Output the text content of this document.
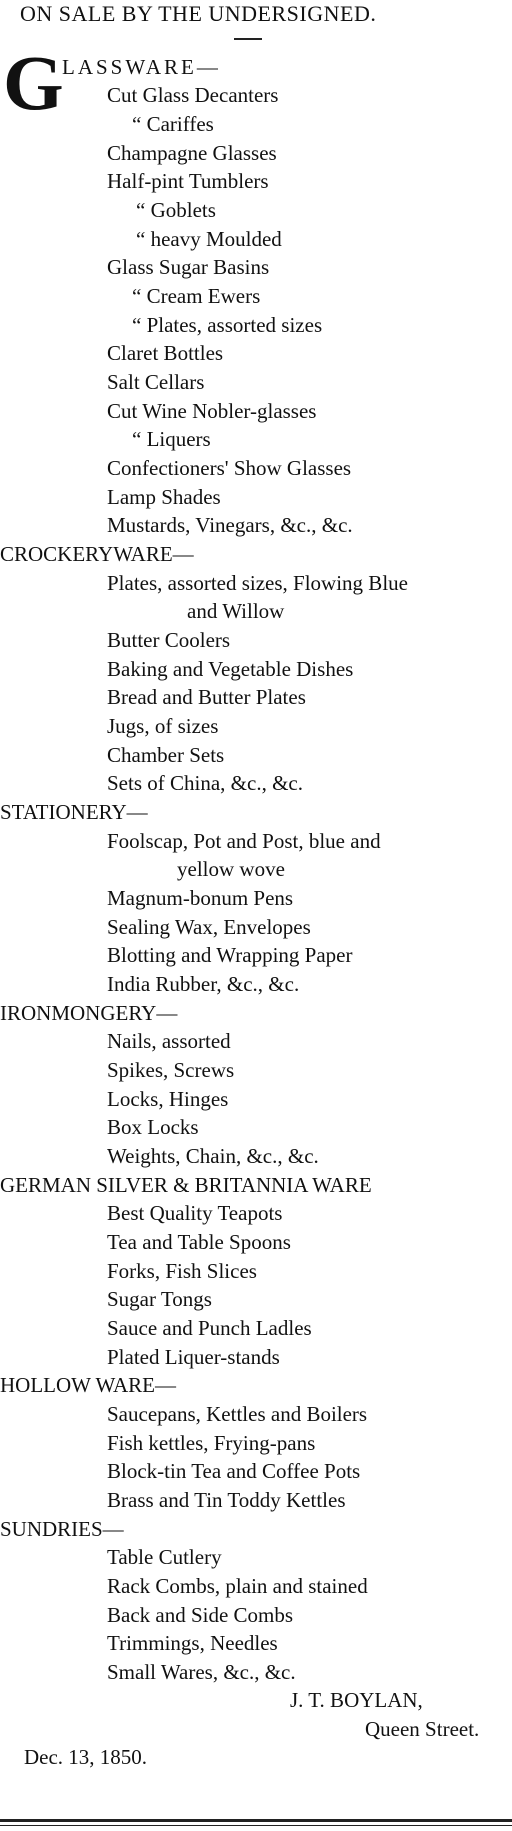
ON SALE BY THE UNDERSIGNED.
G
LASSWARE—
Cut Glass Decanters
“ Cariffes
Champagne Glasses
Half-pint Tumblers
“ Goblets
“ heavy Moulded
Glass Sugar Basins
“ Cream Ewers
“ Plates, assorted sizes
Claret Bottles
Salt Cellars
Cut Wine Nobler-glasses
“ Liquers
Confectioners' Show Glasses
Lamp Shades
Mustards, Vinegars, &c., &c.
CROCKERYWARE—
Plates, assorted sizes, Flowing Blue
and Willow
Butter Coolers
Baking and Vegetable Dishes
Bread and Butter Plates
Jugs, of sizes
Chamber Sets
Sets of China, &c., &c.
STATIONERY—
Foolscap, Pot and Post, blue and
yellow wove
Magnum-bonum Pens
Sealing Wax, Envelopes
Blotting and Wrapping Paper
India Rubber, &c., &c.
IRONMONGERY—
Nails, assorted
Spikes, Screws
Locks, Hinges
Box Locks
Weights, Chain, &c., &c.
GERMAN SILVER & BRITANNIA WARE
Best Quality Teapots
Tea and Table Spoons
Forks, Fish Slices
Sugar Tongs
Sauce and Punch Ladles
Plated Liquer-stands
HOLLOW WARE—
Saucepans, Kettles and Boilers
Fish kettles, Frying-pans
Block-tin Tea and Coffee Pots
Brass and Tin Toddy Kettles
SUNDRIES—
Table Cutlery
Rack Combs, plain and stained
Back and Side Combs
Trimmings, Needles
Small Wares, &c., &c.
J. T. BOYLAN,
Queen Street.
Dec. 13, 1850.
